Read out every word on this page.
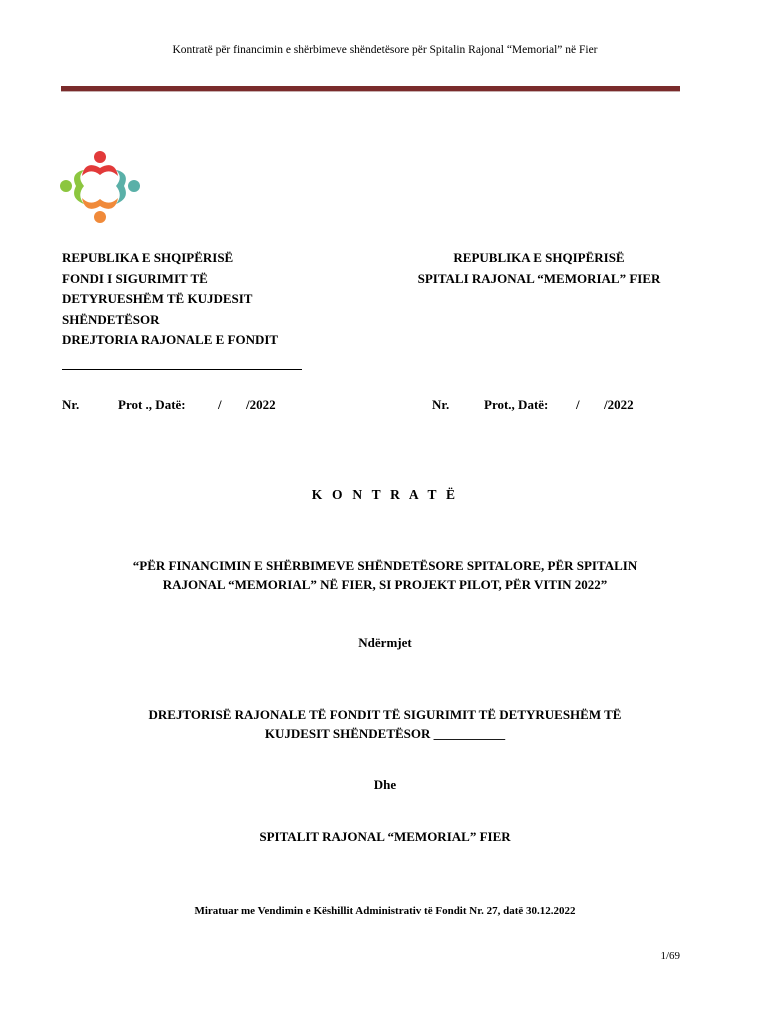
Kontratë për financimin e shërbimeve shëndetësore për Spitalin Rajonal “Memorial” në Fier
REPUBLIKA E SHQIPËRISË
FONDI I SIGURIMIT TË
DETYRUESHËM TË KUJDESIT
SHËNDETËSOR
DREJTORIA RAJONALE E FONDIT
REPUBLIKA E SHQIPËRISË
SPITALI RAJONAL “MEMORIAL” FIER
Nr.	Prot ., Datë: / /2022	Nr.	Prot., Datë: / /2022
K O N T R A T Ë
“PËR FINANCIMIN E SHËRBIMEVE SHËNDETËSORE SPITALORE, PËR SPITALIN
RAJONAL “MEMORIAL” NË FIER, SI PROJEKT PILOT, PËR VITIN 2022”
Ndërmjet
DREJTORISË RAJONALE TË FONDIT TË SIGURIMIT TË DETYRUESHËM TË
KUJDESIT SHËNDETËSOR ___________
Dhe
SPITALIT RAJONAL “MEMORIAL” FIER
Miratuar me Vendimin e Këshillit Administrativ të Fondit Nr. 27, datë 30.12.2022
1/69
